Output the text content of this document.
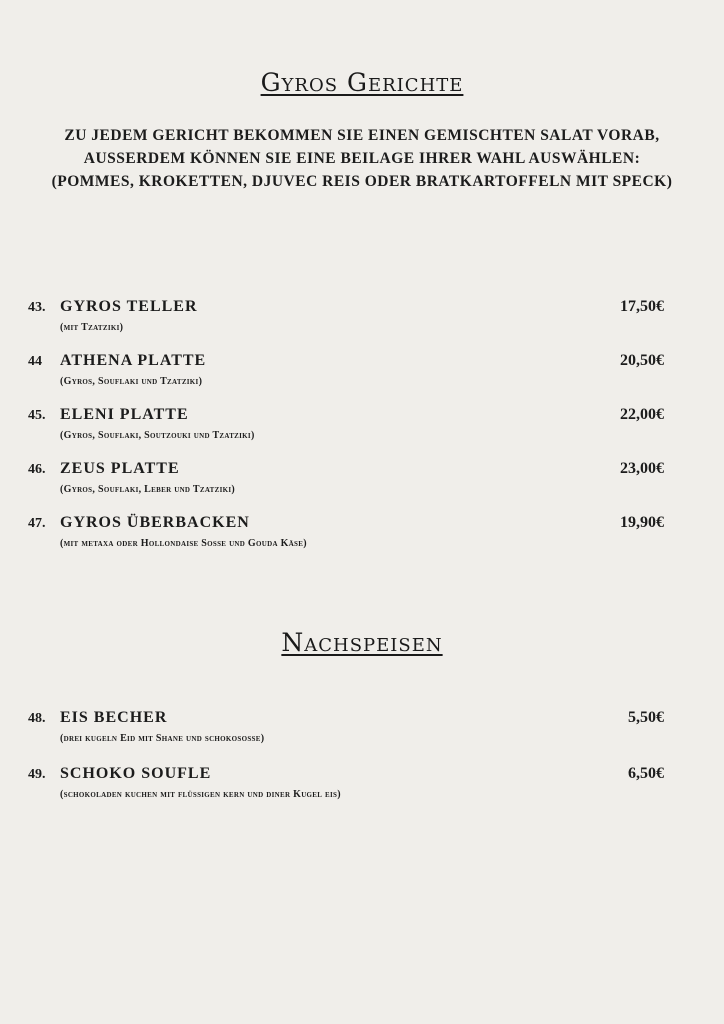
Gyros Gerichte
ZU JEDEM GERICHT BEKOMMEN SIE EINEN GEMISCHTEN SALAT VORAB,
AUSSERDEM KÖNNEN SIE EINE BEILAGE IHRER WAHL AUSWÄHLEN:
(POMMES, KROKETTEN, DJUVEC REIS ODER BRATKARTOFFELN MIT SPECK)
43. GYROS TELLER	17,50€
(mit Tzatziki)
44	ATHENA PLATTE	20,50€
(Gyros, Souflaki und Tzatziki)
45. ELENI PLATTE	22,00€
(Gyros, Souflaki, Soutzouki und Tzatziki)
46. ZEUS PLATTE	23,00€
(Gyros, Souflaki, Leber und Tzatziki)
47. GYROS ÜBERBACKEN	19,90€
(mit metaxa oder Hollondaise Sosse und Gouda Käse)
Nachspeisen
48. EIS BECHER	5,50€
(drei kugeln Eid mit Shane und schokososse)
49. SCHOKO SOUFLE	6,50€
(schokoladen kuchen mit flüssigen kern und diner Kugel eis)
